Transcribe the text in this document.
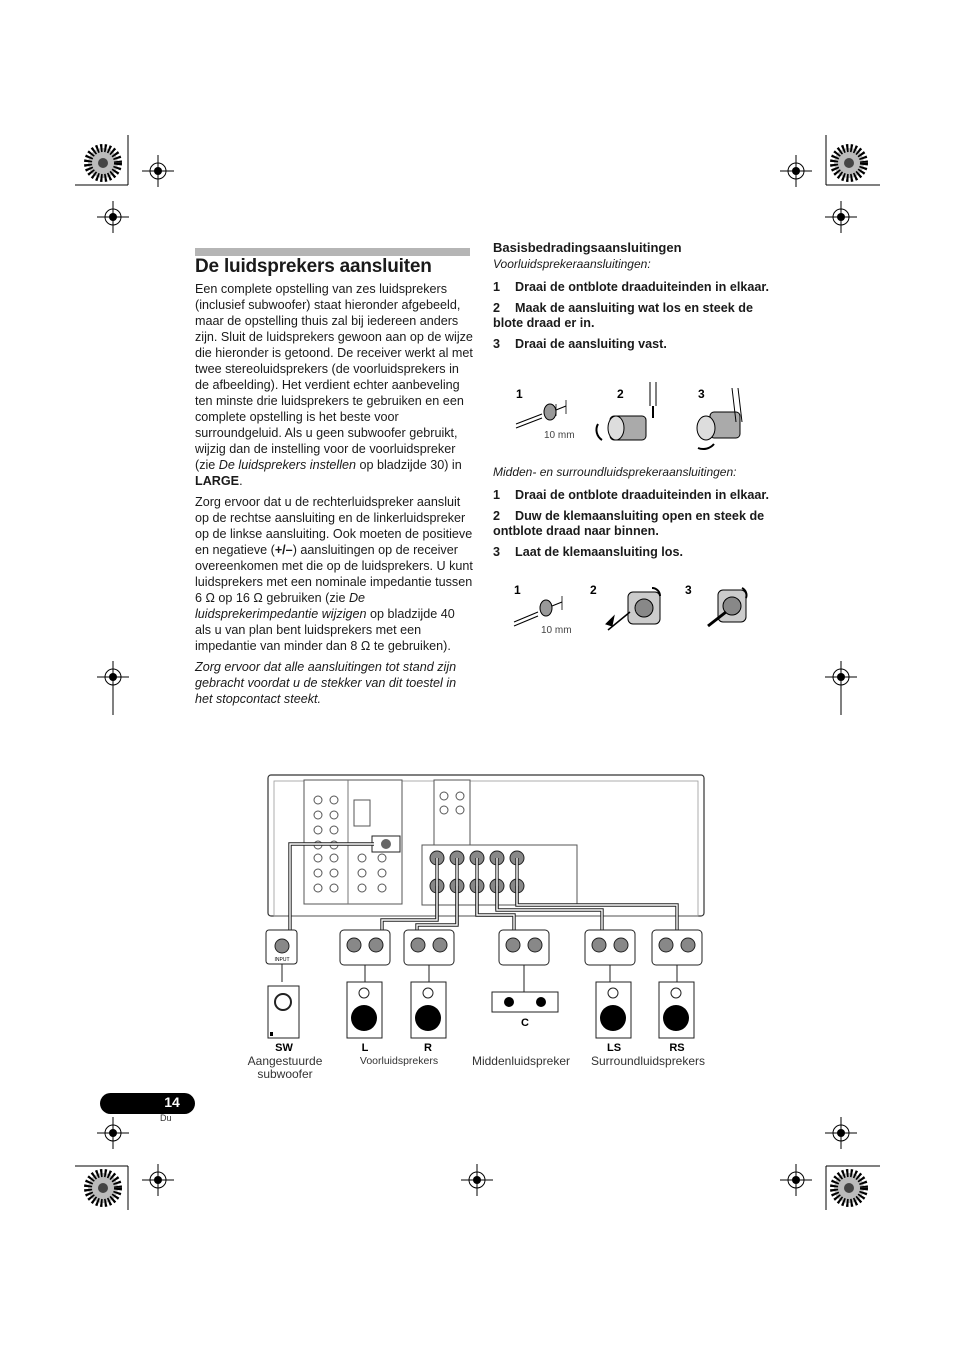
De luidsprekers aansluiten

Een complete opstelling van zes luidsprekers (inclusief subwoofer) staat hieronder afgebeeld, maar de opstelling thuis zal bij iedereen anders zijn. Sluit de luidsprekers gewoon aan op de wijze die hieronder is getoond. De receiver werkt al met twee stereoluidsprekers (de voorluidsprekers in de afbeelding). Het verdient echter aanbeveling ten minste drie luidsprekers te gebruiken en een complete opstelling is het beste voor surroundgeluid. Als u geen subwoofer gebruikt, wijzig dan de instelling voor de voorluidspreker (zie De luidsprekers instellen op bladzijde 30) in LARGE.

Zorg ervoor dat u de rechterluidspreker aansluit op de rechtse aansluiting en de linkerluidspreker op de linkse aansluiting. Ook moeten de positieve en negatieve (+/–) aansluitingen op de receiver overeenkomen met die op de luidsprekers. U kunt luidsprekers met een nominale impedantie tussen 6 Ω op 16 Ω gebruiken (zie De luidsprekerimpedantie wijzigen op bladzijde 40 als u van plan bent luidsprekers met een impedantie van minder dan 8 Ω te gebruiken).

Zorg ervoor dat alle aansluitingen tot stand zijn gebracht voordat u de stekker van dit toestel in het stopcontact steekt.

Basisbedradingsaansluitingen
Voorluidsprekeraansluitingen:
1 Draai de ontblote draaduiteinden in elkaar.
2 Maak de aansluiting wat los en steek de blote draad er in.
3 Draai de aansluiting vast.
1	2	3
10 mm
Midden- en surroundluidsprekeraansluitingen:
1 Draai de ontblote draaduiteinden in elkaar.
2 Duw de klemaansluiting open en steek de ontblote draad naar binnen.
3 Laat de klemaansluiting los.
1	2	3
10 mm
INPUT
SW	L	R
C
LS	RS
Aangestuurde
subwoofer
Voorluidsprekers	Middenluidspreker Surroundluidsprekers
14
Du
